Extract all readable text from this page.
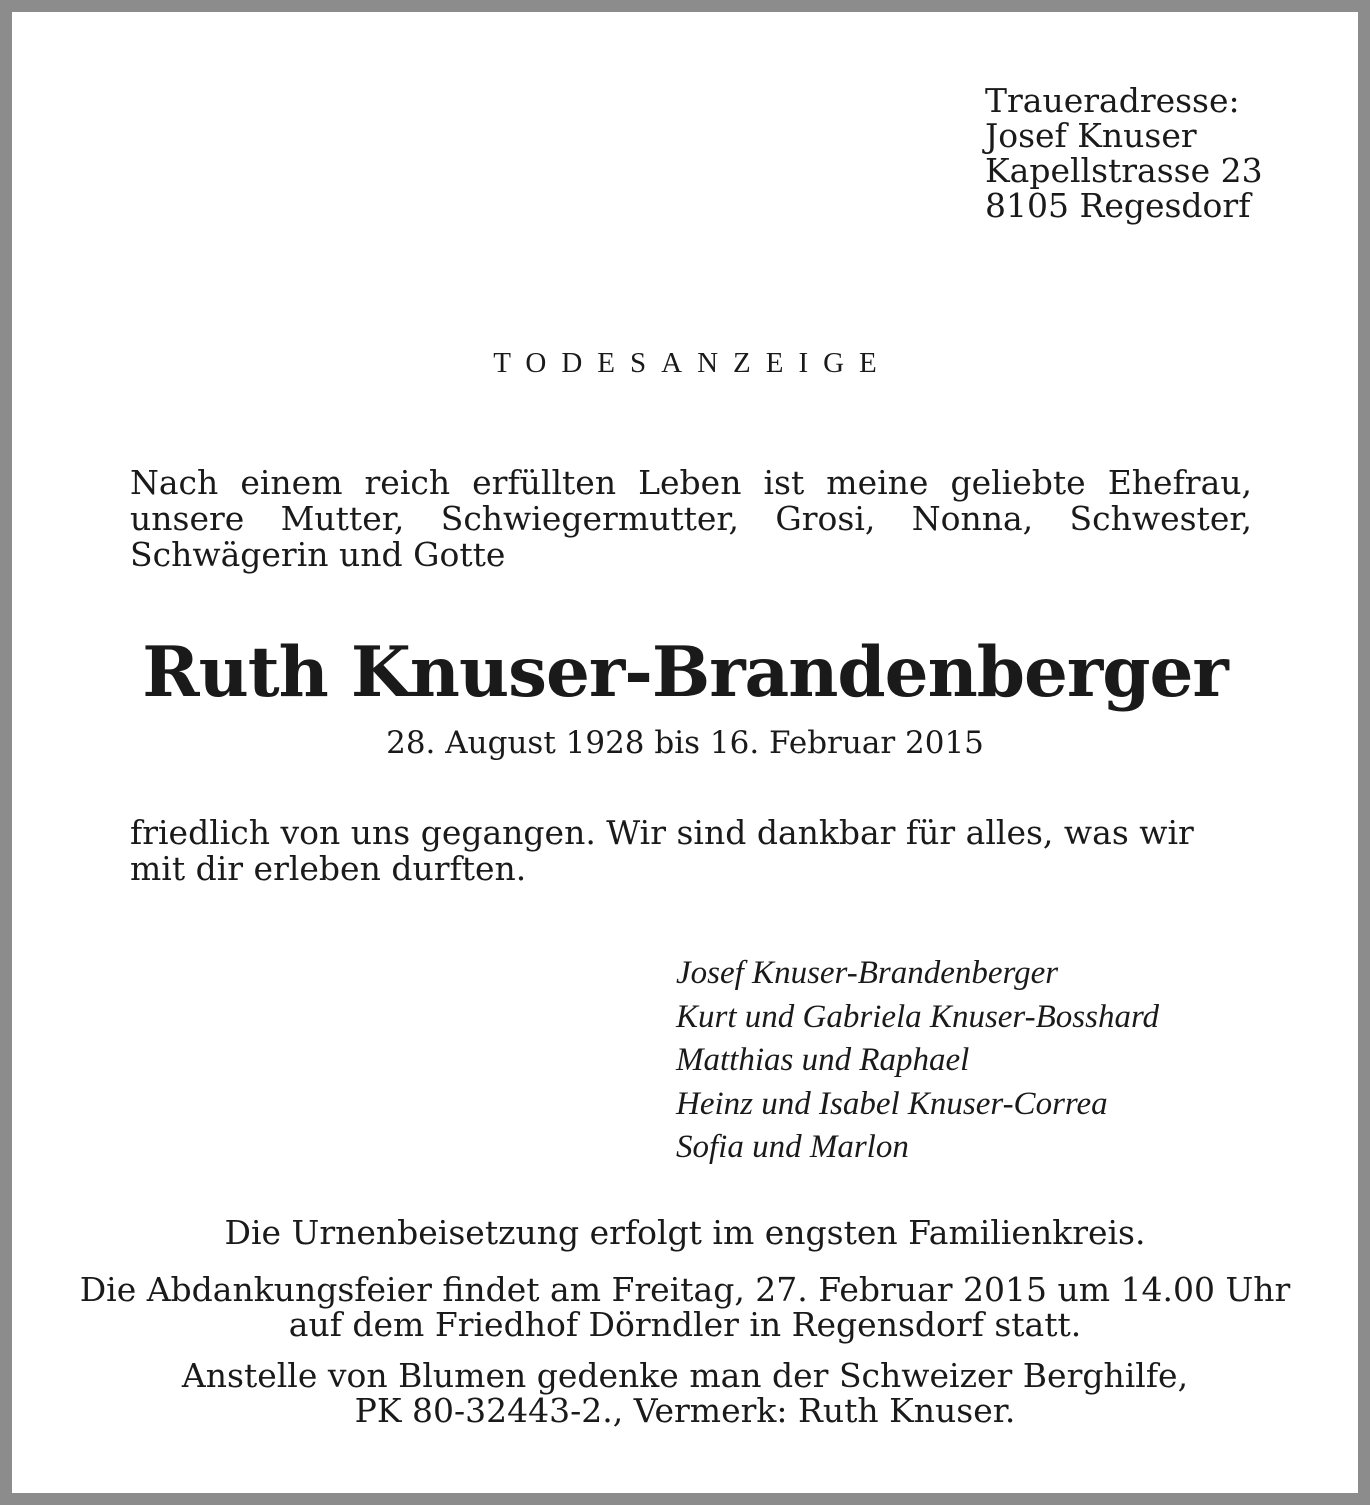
Traueradresse:
Josef Knuser
Kapellstrasse 23
8105 Regesdorf
TODESANZEIGE
Nach einem reich erfüllten Leben ist meine geliebte Ehefrau, unsere Mutter, Schwiegermutter, Grosi, Nonna, Schwester, Schwägerin und Gotte
Ruth Knuser-Brandenberger
28. August 1928 bis 16. Februar 2015
friedlich von uns gegangen. Wir sind dankbar für alles, was wir mit dir erleben durften.
Josef Knuser-Brandenberger
Kurt und Gabriela Knuser-Bosshard
Matthias und Raphael
Heinz und Isabel Knuser-Correa
Sofia und Marlon
Die Urnenbeisetzung erfolgt im engsten Familienkreis.
Die Abdankungsfeier findet am Freitag, 27. Februar 2015 um 14.00 Uhr
auf dem Friedhof Dörndler in Regensdorf statt.
Anstelle von Blumen gedenke man der Schweizer Berghilfe,
PK 80-32443-2., Vermerk: Ruth Knuser.
